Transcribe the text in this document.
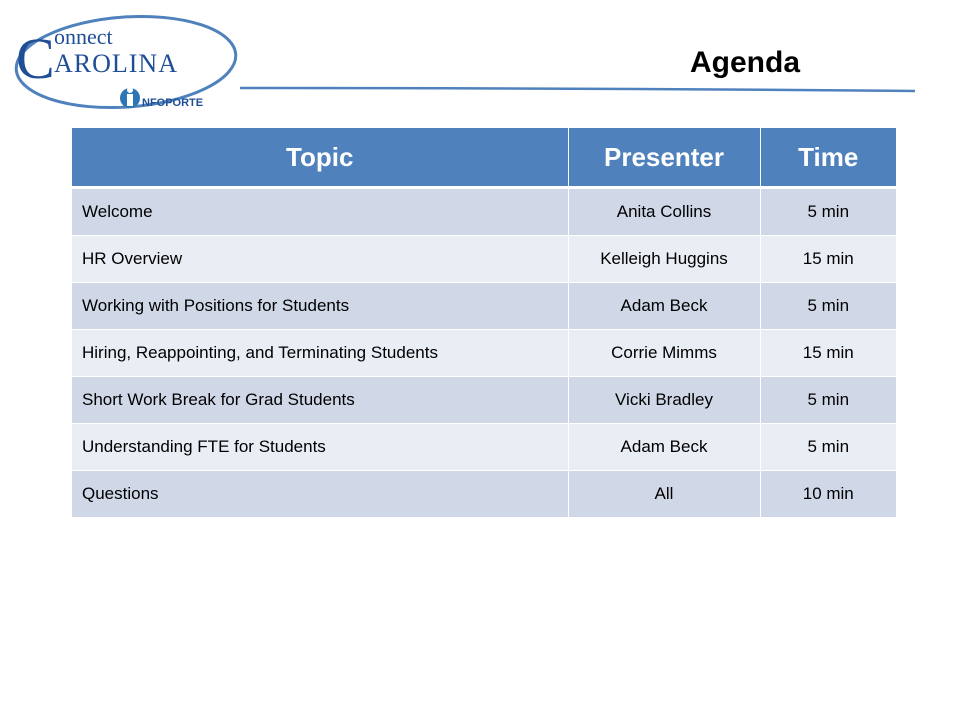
C onnect
AROLINA
NFOPORTE
Agenda
Topic	Presenter	Time
Welcome	Anita Collins	5 min
HR Overview	Kelleigh Huggins	15 min
Working with Positions for Students	Adam Beck	5 min
Hiring, Reappointing, and Terminating Students	Corrie Mimms	15 min
Short Work Break for Grad Students	Vicki Bradley	5 min
Understanding FTE for Students	Adam Beck	5 min
Questions	All	10 min
